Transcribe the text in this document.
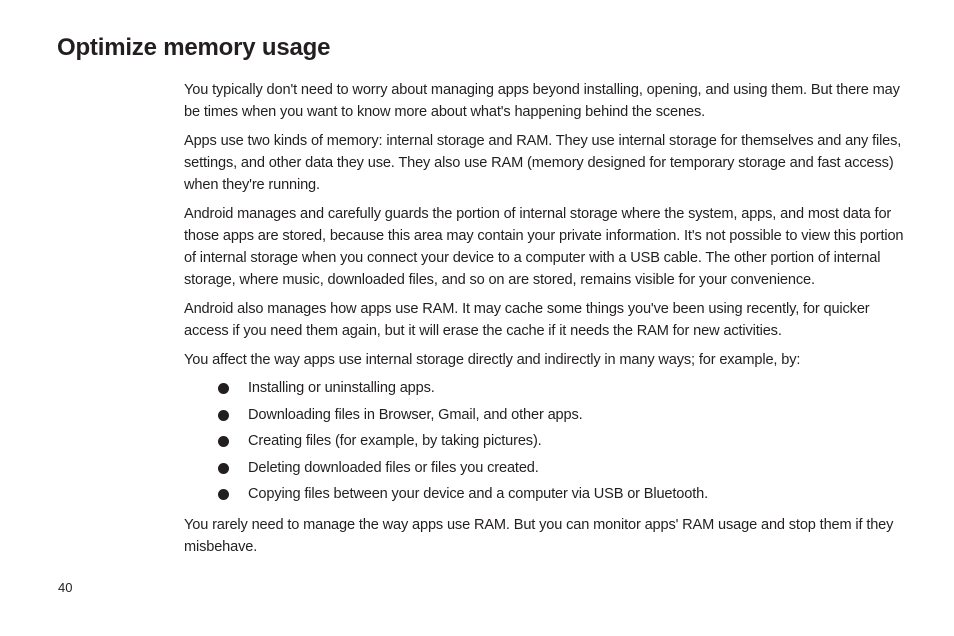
Optimize memory usage

You typically don't need to worry about managing apps beyond installing, opening, and using them. But there may be times when you want to know more about what's happening behind the scenes.

Apps use two kinds of memory: internal storage and RAM. They use internal storage for themselves and any files, settings, and other data they use. They also use RAM (memory designed for temporary storage and fast access) when they're running.

Android manages and carefully guards the portion of internal storage where the system, apps, and most data for those apps are stored, because this area may contain your private information. It's not possible to view this portion of internal storage when you connect your device to a computer with a USB cable. The other portion of internal storage, where music, downloaded files, and so on are stored, remains visible for your convenience.

Android also manages how apps use RAM. It may cache some things you've been using recently, for quicker access if you need them again, but it will erase the cache if it needs the RAM for new activities.

You affect the way apps use internal storage directly and indirectly in many ways; for example, by:

Installing or uninstalling apps.
Downloading files in Browser, Gmail, and other apps.
Creating files (for example, by taking pictures).
Deleting downloaded files or files you created.
Copying files between your device and a computer via USB or Bluetooth.

You rarely need to manage the way apps use RAM. But you can monitor apps' RAM usage and stop them if they misbehave.

40
